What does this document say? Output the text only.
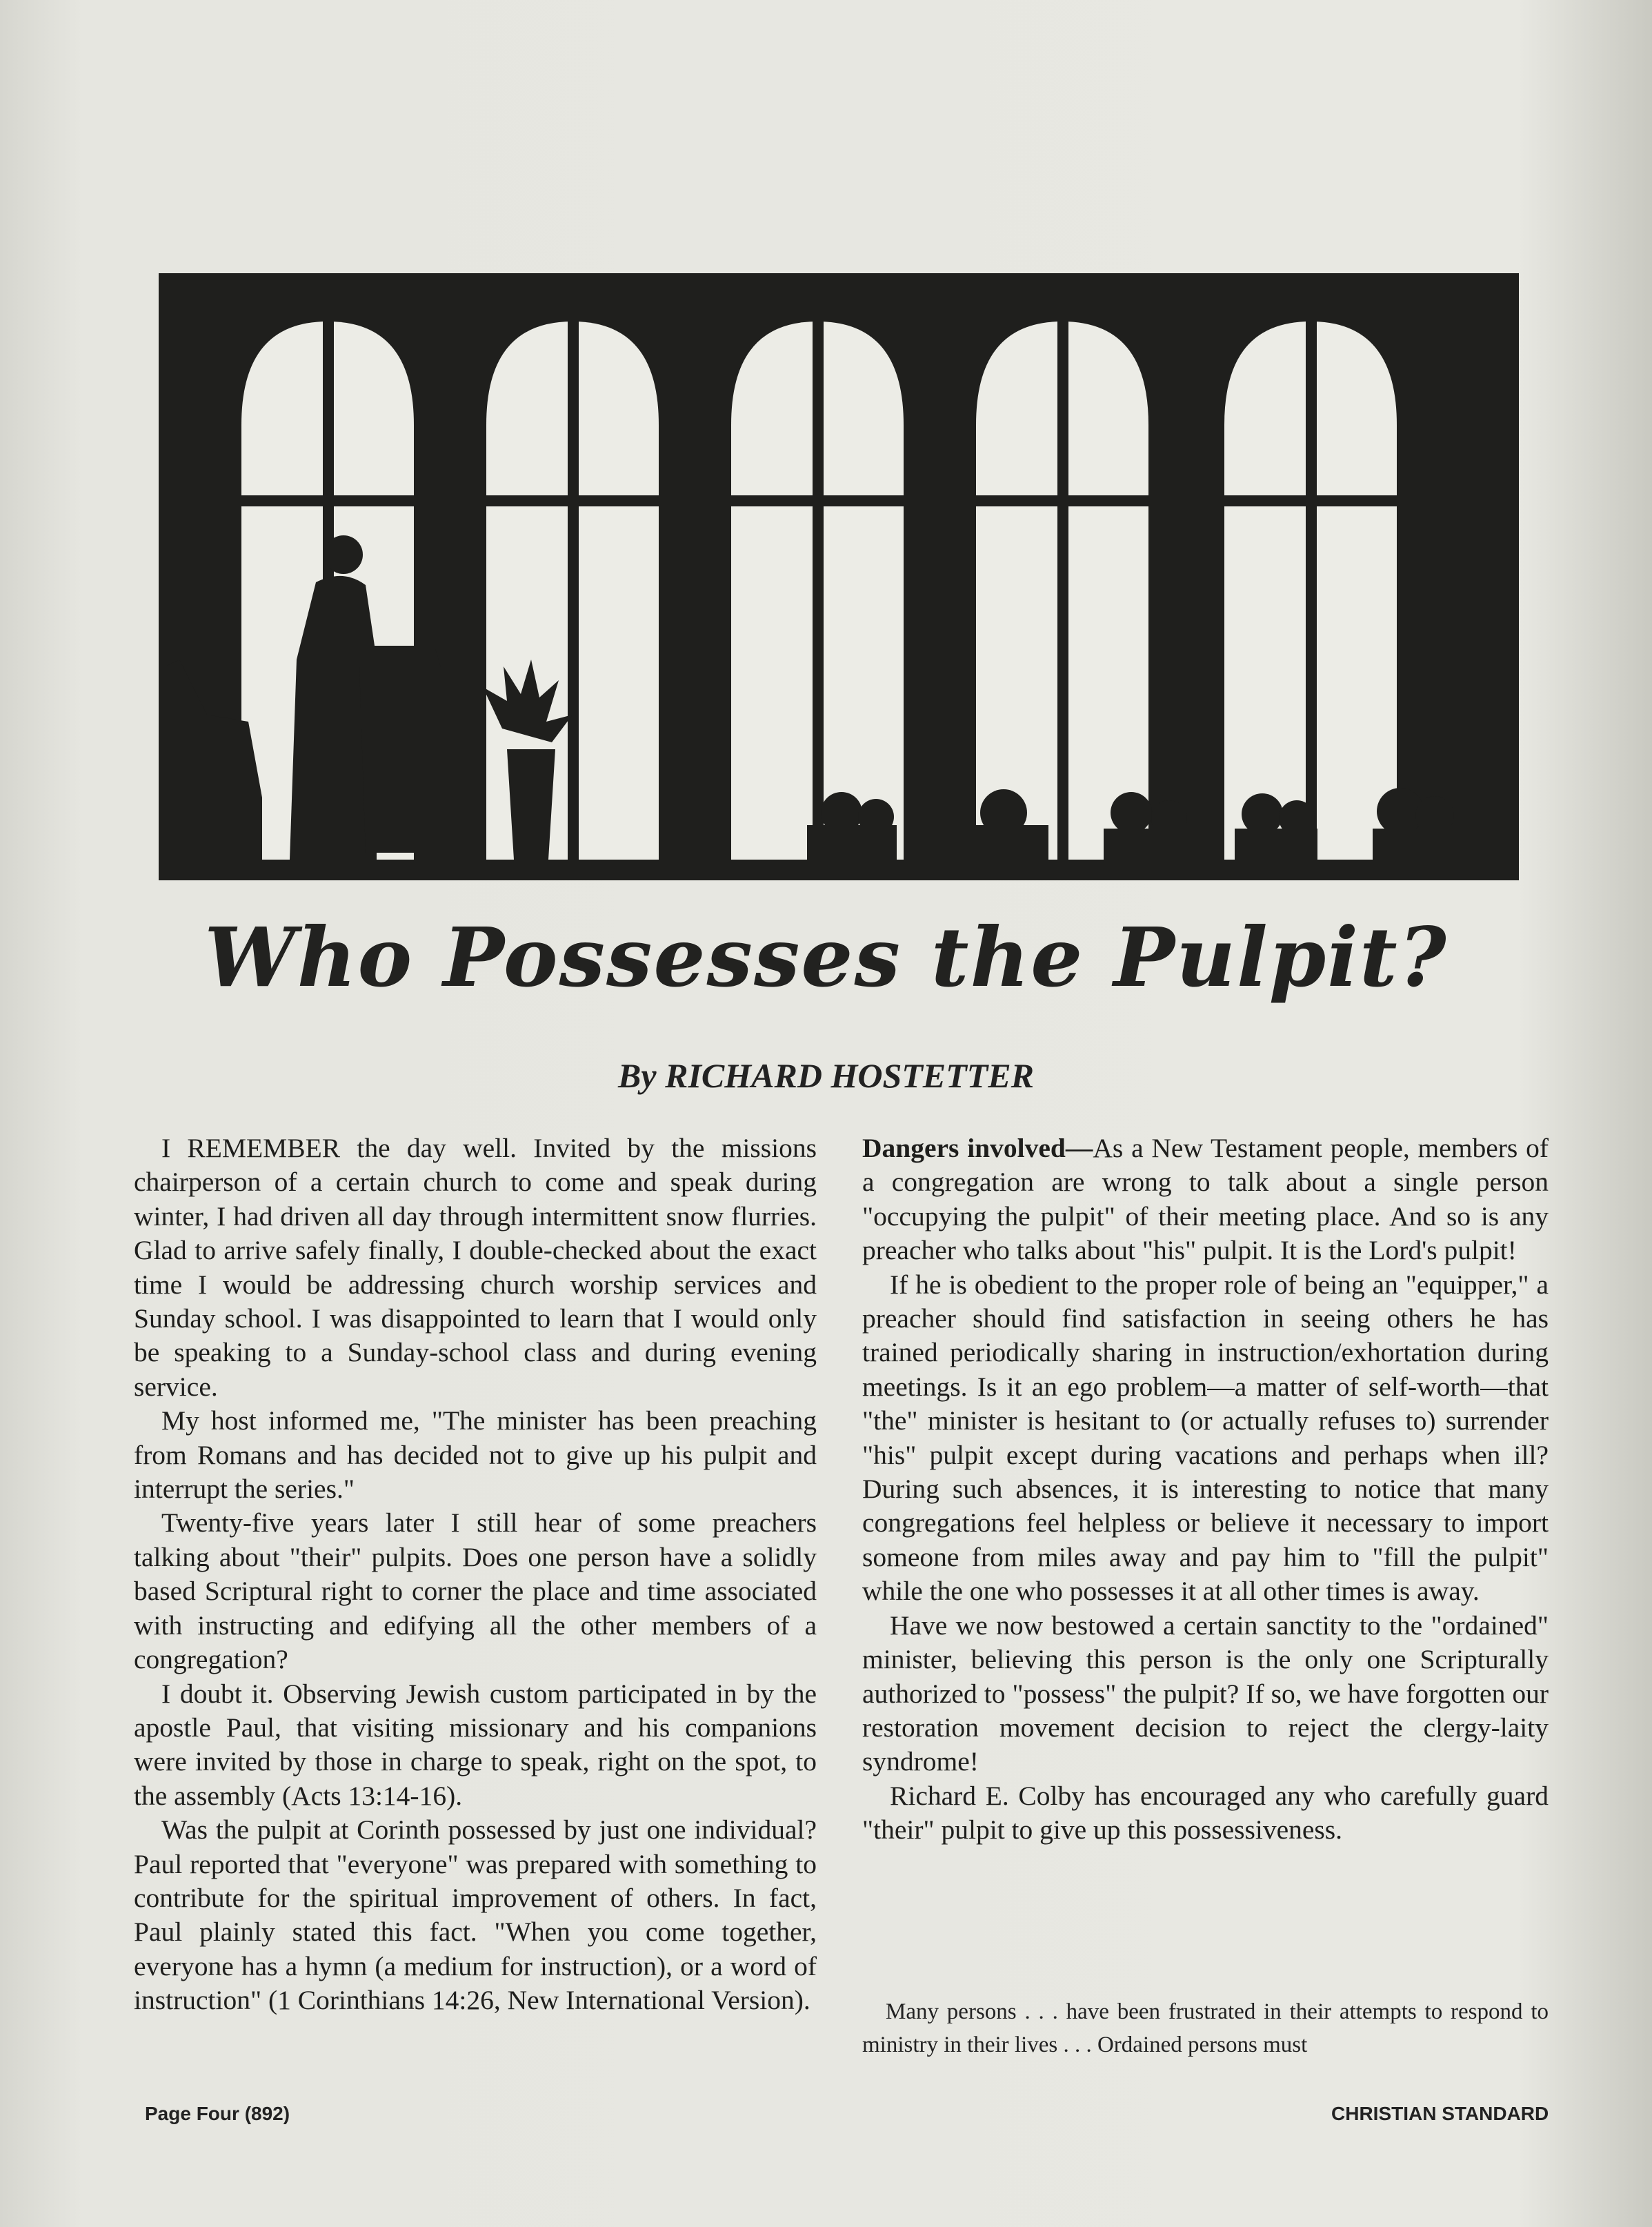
Who Possesses the Pulpit?
By RICHARD HOSTETTER

I REMEMBER the day well. Invited by the missions chairperson of a certain church to come and speak during winter, I had driven all day through intermittent snow flurries. Glad to arrive safely finally, I double-checked about the exact time I would be addressing church worship services and Sunday school. I was disappointed to learn that I would only be speaking to a Sunday-school class and during evening service.

My host informed me, "The minister has been preaching from Romans and has decided not to give up his pulpit and interrupt the series."

Twenty-five years later I still hear of some preachers talking about "their" pulpits. Does one person have a solidly based Scriptural right to corner the place and time associated with instructing and edifying all the other members of a congregation?

I doubt it. Observing Jewish custom participated in by the apostle Paul, that visiting missionary and his companions were invited by those in charge to speak, right on the spot, to the assembly (Acts 13:14-16).

Was the pulpit at Corinth possessed by just one individual? Paul reported that "everyone" was prepared with something to contribute for the spiritual improvement of others. In fact, Paul plainly stated this fact. "When you come together, everyone has a hymn (a medium for instruction), or a word of instruction" (1 Corinthians 14:26, New International Version).

Dangers involved—As a New Testament people, members of a congregation are wrong to talk about a single person "occupying the pulpit" of their meeting place. And so is any preacher who talks about "his" pulpit. It is the Lord's pulpit!

If he is obedient to the proper role of being an "equipper," a preacher should find satisfaction in seeing others he has trained periodically sharing in instruction/exhortation during meetings. Is it an ego problem—a matter of self-worth—that "the" minister is hesitant to (or actually refuses to) surrender "his" pulpit except during vacations and perhaps when ill? During such absences, it is interesting to notice that many congregations feel helpless or believe it necessary to import someone from miles away and pay him to "fill the pulpit" while the one who possesses it at all other times is away.

Have we now bestowed a certain sanctity to the "ordained" minister, believing this person is the only one Scripturally authorized to "possess" the pulpit? If so, we have forgotten our restoration movement decision to reject the clergy-laity syndrome!

Richard E. Colby has encouraged any who carefully guard "their" pulpit to give up this possessiveness.

Many persons . . . have been frustrated in their attempts to respond to ministry in their lives . . . Ordained persons must

Page Four (892)	CHRISTIAN STANDARD
